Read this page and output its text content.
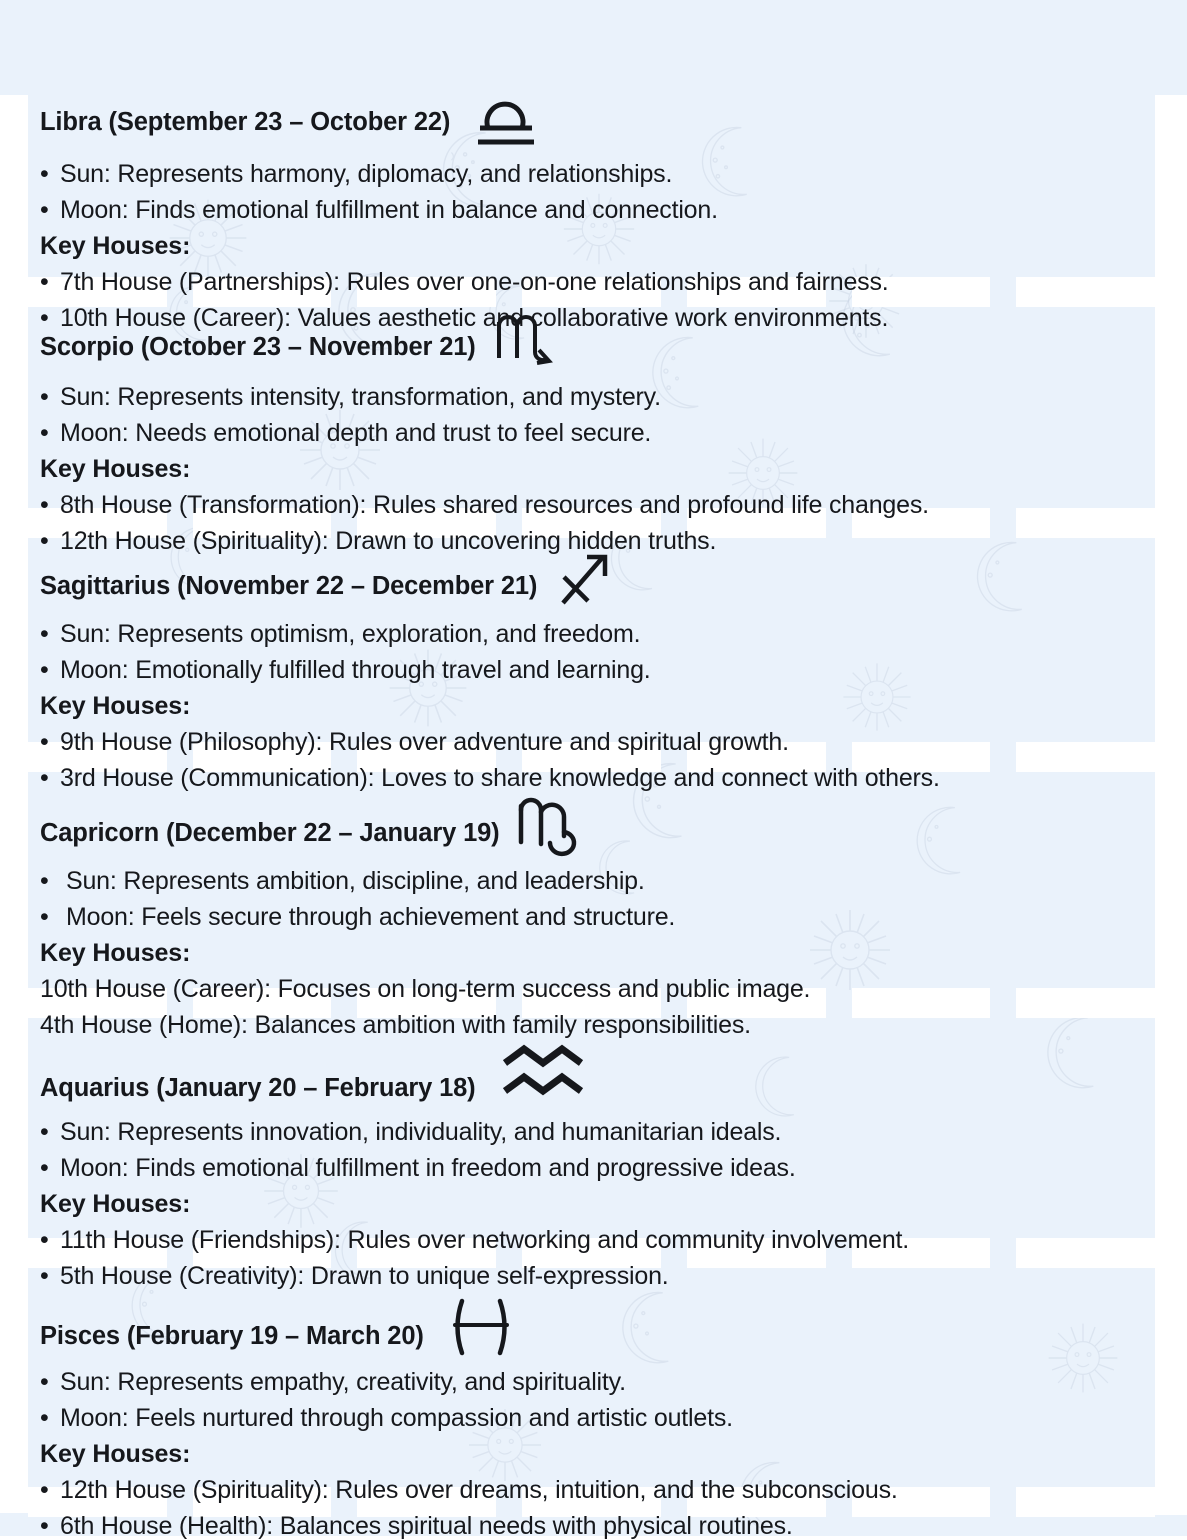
Libra (September 23 – October 22)
• Sun: Represents harmony, diplomacy, and relationships.
• Moon: Finds emotional fulfillment in balance and connection.
Key Houses:
• 7th House (Partnerships): Rules over one-on-one relationships and fairness.
• 10th House (Career): Values aesthetic and collaborative work environments.
Scorpio (October 23 – November 21)
• Sun: Represents intensity, transformation, and mystery.
• Moon: Needs emotional depth and trust to feel secure.
Key Houses:
• 8th House (Transformation): Rules shared resources and profound life changes.
• 12th House (Spirituality): Drawn to uncovering hidden truths.
Sagittarius (November 22 – December 21)
• Sun: Represents optimism, exploration, and freedom.
• Moon: Emotionally fulfilled through travel and learning.
Key Houses:
• 9th House (Philosophy): Rules over adventure and spiritual growth.
• 3rd House (Communication): Loves to share knowledge and connect with others.
Capricorn (December 22 – January 19)
• Sun: Represents ambition, discipline, and leadership.
• Moon: Feels secure through achievement and structure.
Key Houses:
10th House (Career): Focuses on long-term success and public image.
4th House (Home): Balances ambition with family responsibilities.
Aquarius (January 20 – February 18)
• Sun: Represents innovation, individuality, and humanitarian ideals.
• Moon: Finds emotional fulfillment in freedom and progressive ideas.
Key Houses:
• 11th House (Friendships): Rules over networking and community involvement.
• 5th House (Creativity): Drawn to unique self-expression.
Pisces (February 19 – March 20)
• Sun: Represents empathy, creativity, and spirituality.
• Moon: Feels nurtured through compassion and artistic outlets.
Key Houses:
• 12th House (Spirituality): Rules over dreams, intuition, and the subconscious.
• 6th House (Health): Balances spiritual needs with physical routines.
